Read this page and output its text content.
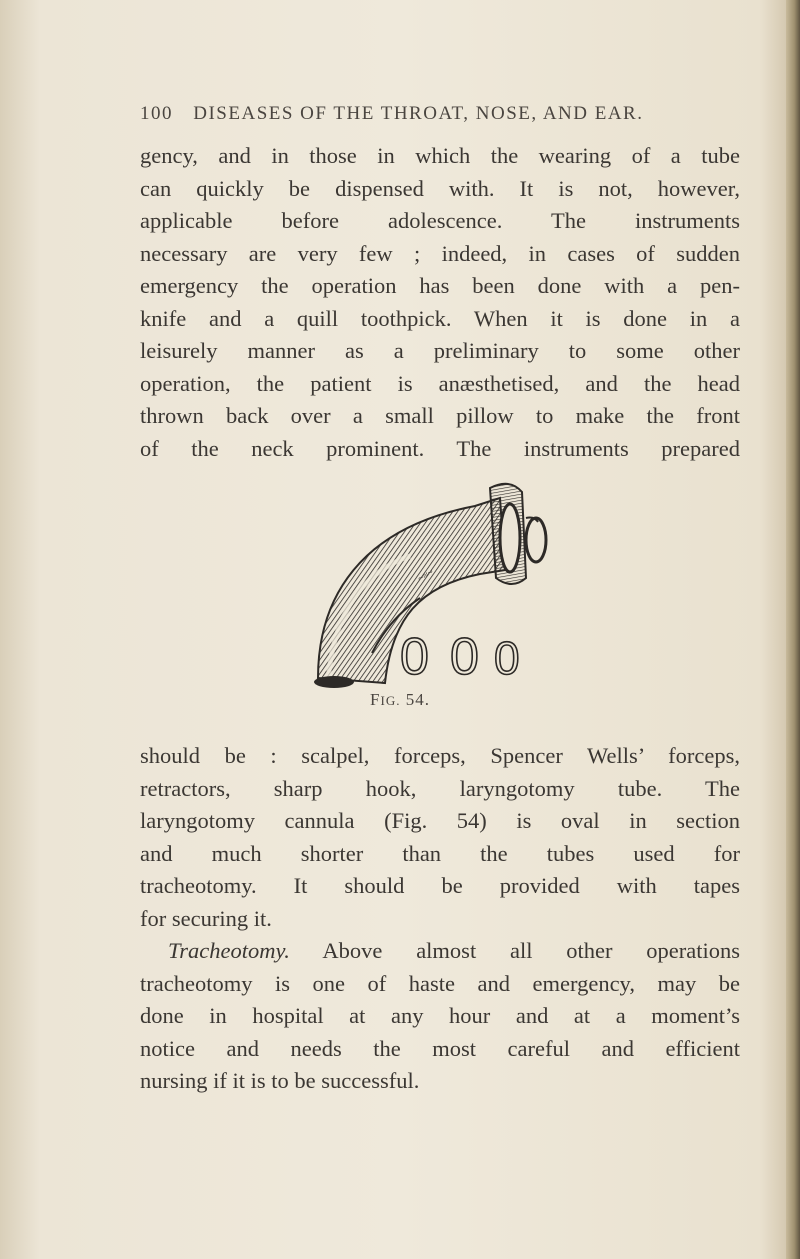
100 DISEASES OF THE THROAT, NOSE, AND EAR.
gency, and in those in which the wearing of a tube
can quickly be dispensed with. It is not, however,
applicable before adolescence. The instruments
necessary are very few ; indeed, in cases of sudden
emergency the operation has been done with a pen-
knife and a quill toothpick. When it is done in a
leisurely manner as a preliminary to some other
operation, the patient is anæsthetised, and the head
thrown back over a small pillow to make the front
of the neck prominent. The instruments prepared
~≈~
0 0 0
FIG. 54.
should be : scalpel, forceps, Spencer Wells’ forceps,
retractors, sharp hook, laryngotomy tube. The
laryngotomy cannula (Fig. 54) is oval in section
and much shorter than the tubes used for
tracheotomy. It should be provided with tapes
for securing it.
Tracheotomy. Above almost all other operations
tracheotomy is one of haste and emergency, may be
done in hospital at any hour and at a moment’s
notice and needs the most careful and efficient
nursing if it is to be successful.
